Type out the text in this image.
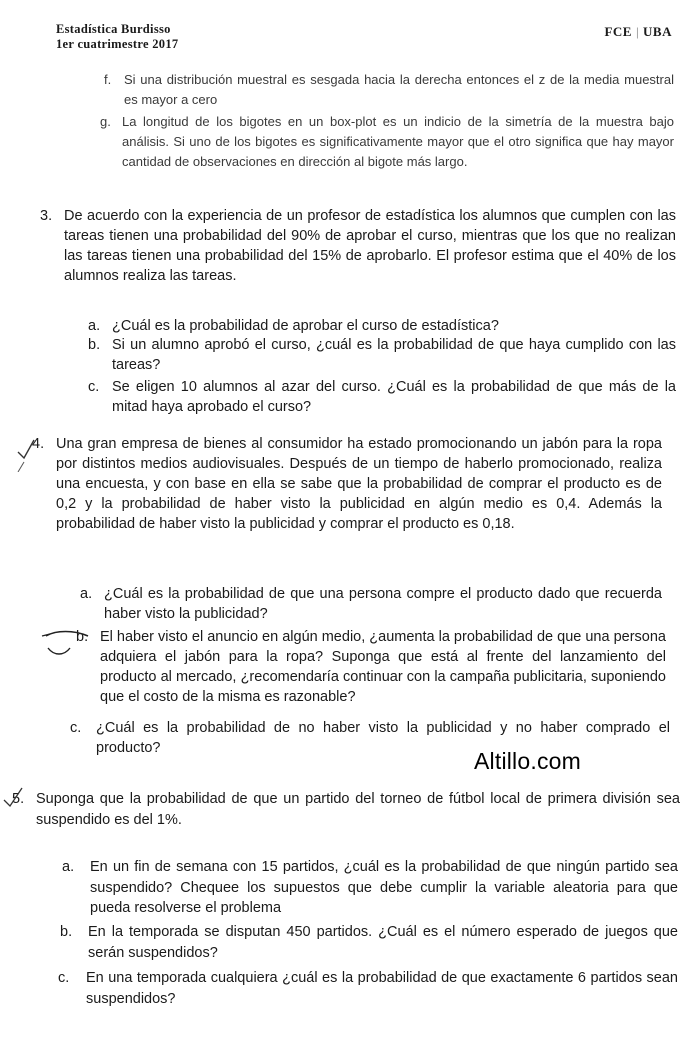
Estadística Burdisso
1er cuatrimestre 2017
FCE | UBA
f. Si una distribución muestral es sesgada hacia la derecha entonces el z de la media muestral es mayor a cero
g. La longitud de los bigotes en un box-plot es un indicio de la simetría de la muestra bajo análisis. Si uno de los bigotes es significativamente mayor que el otro significa que hay mayor cantidad de observaciones en dirección al bigote más largo.
3. De acuerdo con la experiencia de un profesor de estadística los alumnos que cumplen con las tareas tienen una probabilidad del 90% de aprobar el curso, mientras que los que no realizan las tareas tienen una probabilidad del 15% de aprobarlo. El profesor estima que el 40% de los alumnos realiza las tareas.
a. ¿Cuál es la probabilidad de aprobar el curso de estadística?
b. Si un alumno aprobó el curso, ¿cuál es la probabilidad de que haya cumplido con las tareas?
c. Se eligen 10 alumnos al azar del curso. ¿Cuál es la probabilidad de que más de la mitad haya aprobado el curso?
4. Una gran empresa de bienes al consumidor ha estado promocionando un jabón para la ropa por distintos medios audiovisuales. Después de un tiempo de haberlo promocionado, realiza una encuesta, y con base en ella se sabe que la probabilidad de comprar el producto es de 0,2 y la probabilidad de haber visto la publicidad en algún medio es 0,4. Además la probabilidad de haber visto la publicidad y comprar el producto es 0,18.
a. ¿Cuál es la probabilidad de que una persona compre el producto dado que recuerda haber visto la publicidad?
b. El haber visto el anuncio en algún medio, ¿aumenta la probabilidad de que una persona adquiera el jabón para la ropa? Suponga que está al frente del lanzamiento del producto al mercado, ¿recomendaría continuar con la campaña publicitaria, suponiendo que el costo de la misma es razonable?
c. ¿Cuál es la probabilidad de no haber visto la publicidad y no haber comprado el producto?	Altillo.com
5. Suponga que la probabilidad de que un partido del torneo de fútbol local de primera división sea suspendido es del 1%.
a. En un fin de semana con 15 partidos, ¿cuál es la probabilidad de que ningún partido sea suspendido? Chequee los supuestos que debe cumplir la variable aleatoria para que pueda resolverse el problema
b. En la temporada se disputan 450 partidos. ¿Cuál es el número esperado de juegos que serán suspendidos?
c. En una temporada cualquiera ¿cuál es la probabilidad de que exactamente 6 partidos sean suspendidos?
